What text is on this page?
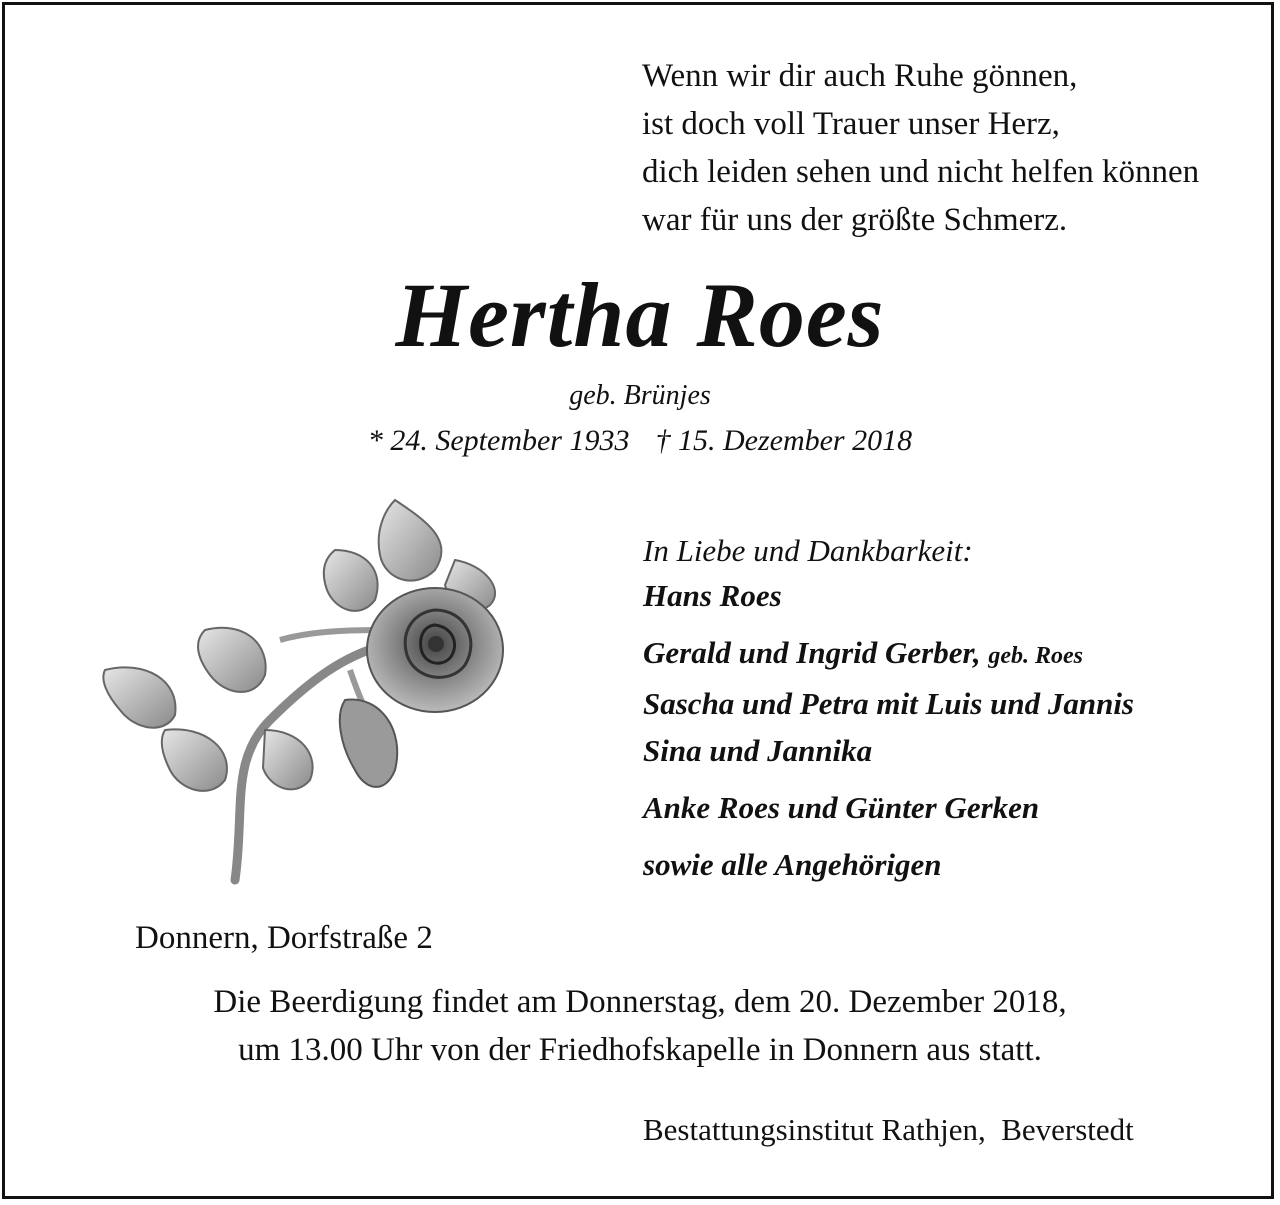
Wenn wir dir auch Ruhe gönnen,
ist doch voll Trauer unser Herz,
dich leiden sehen und nicht helfen können
war für uns der größte Schmerz.
Hertha Roes
geb. Brünjes
* 24. September 1933 † 15. Dezember 2018
In Liebe und Dankbarkeit:
Hans Roes
Gerald und Ingrid Gerber, geb. Roes
Sascha und Petra mit Luis und Jannis
Sina und Jannika
Anke Roes und Günter Gerken
sowie alle Angehörigen
Donnern, Dorfstraße 2
Die Beerdigung findet am Donnerstag, dem 20. Dezember 2018,
um 13.00 Uhr von der Friedhofskapelle in Donnern aus statt.
Bestattungsinstitut Rathjen,  Beverstedt
